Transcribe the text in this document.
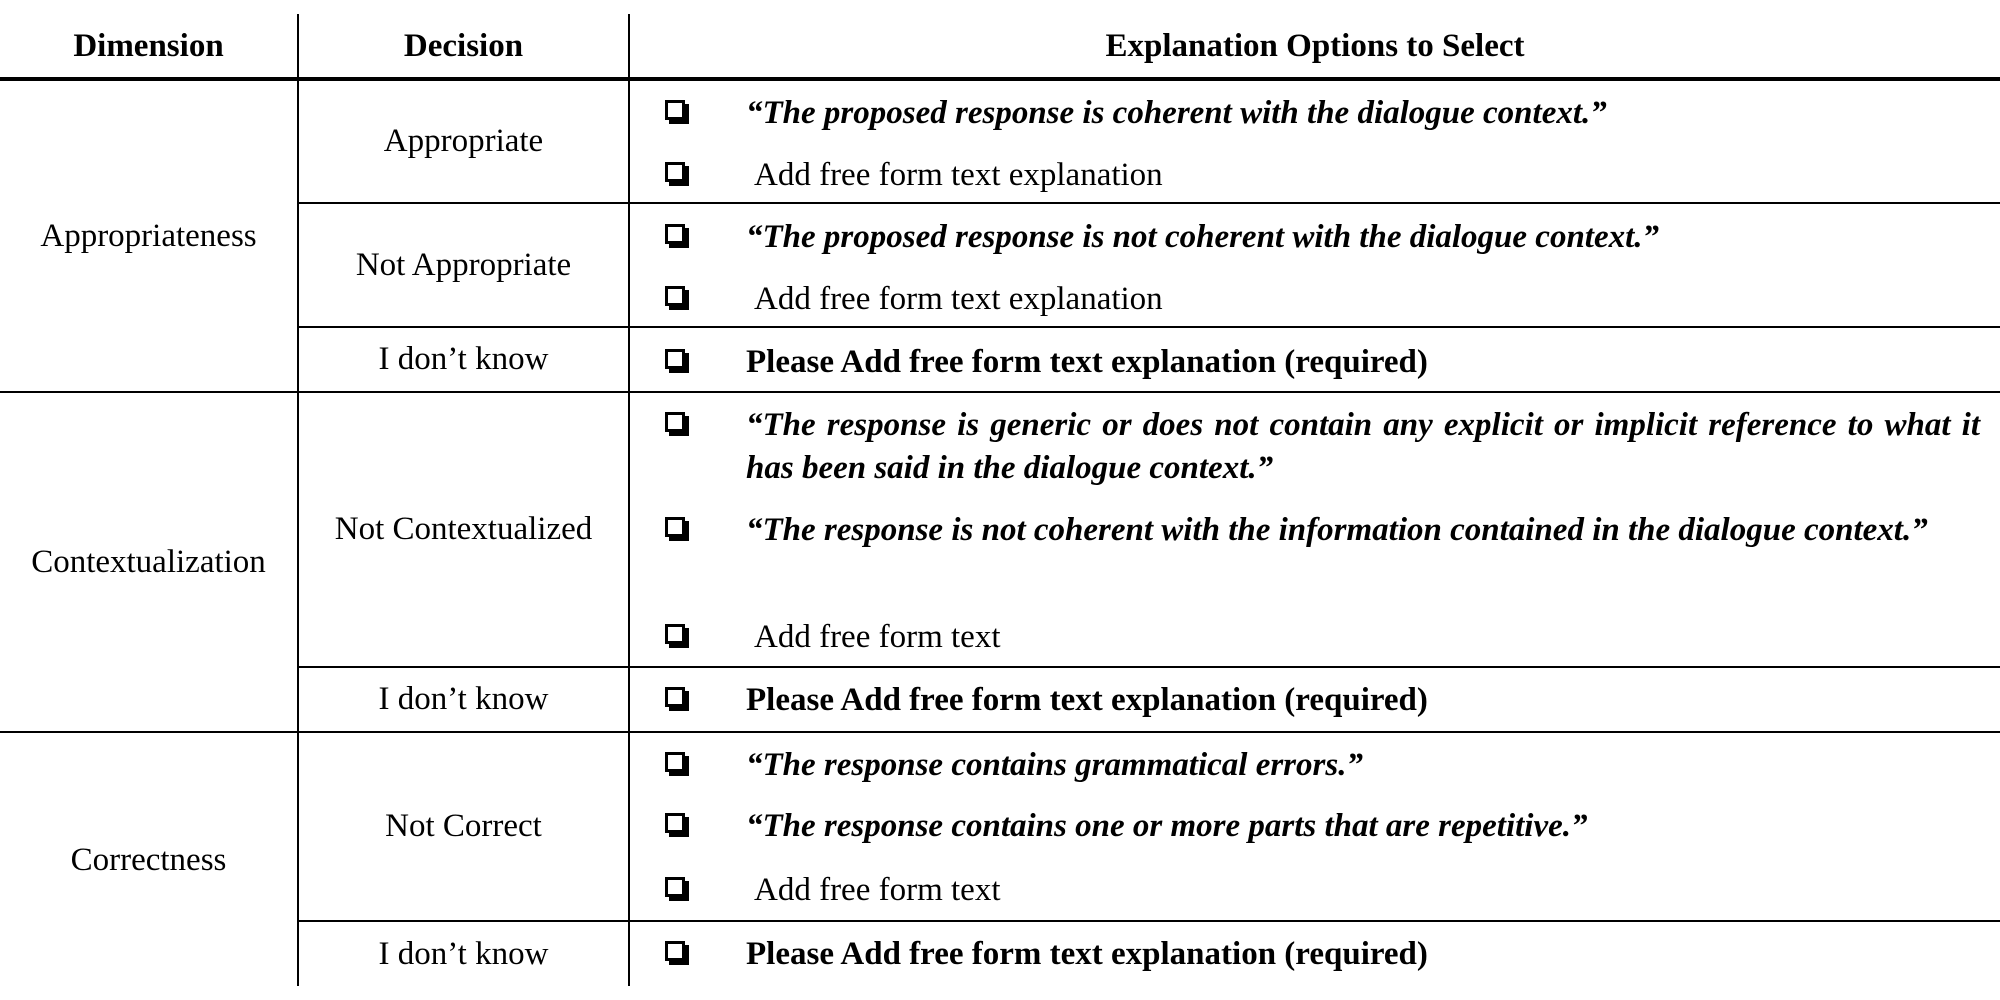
Dimension	Decision	Explanation Options to Select
Appropriateness
Appropriate
Not Appropriate
I don’t know
“The proposed response is coherent with the dialogue context.”
Add free form text explanation
“The proposed response is not coherent with the dialogue context.”
Add free form text explanation
Please Add free form text explanation (required)
Contextualization
Not Contextualized
I don’t know
“The response is generic or does not contain any explicit or implicit reference to what it has been said in the dialogue context.”
“The response is not coherent with the information contained in the dialogue context.”
Add free form text
Please Add free form text explanation (required)
Correctness
Not Correct
I don’t know
“The response contains grammatical errors.”
“The response contains one or more parts that are repetitive.”
Add free form text
Please Add free form text explanation (required)
